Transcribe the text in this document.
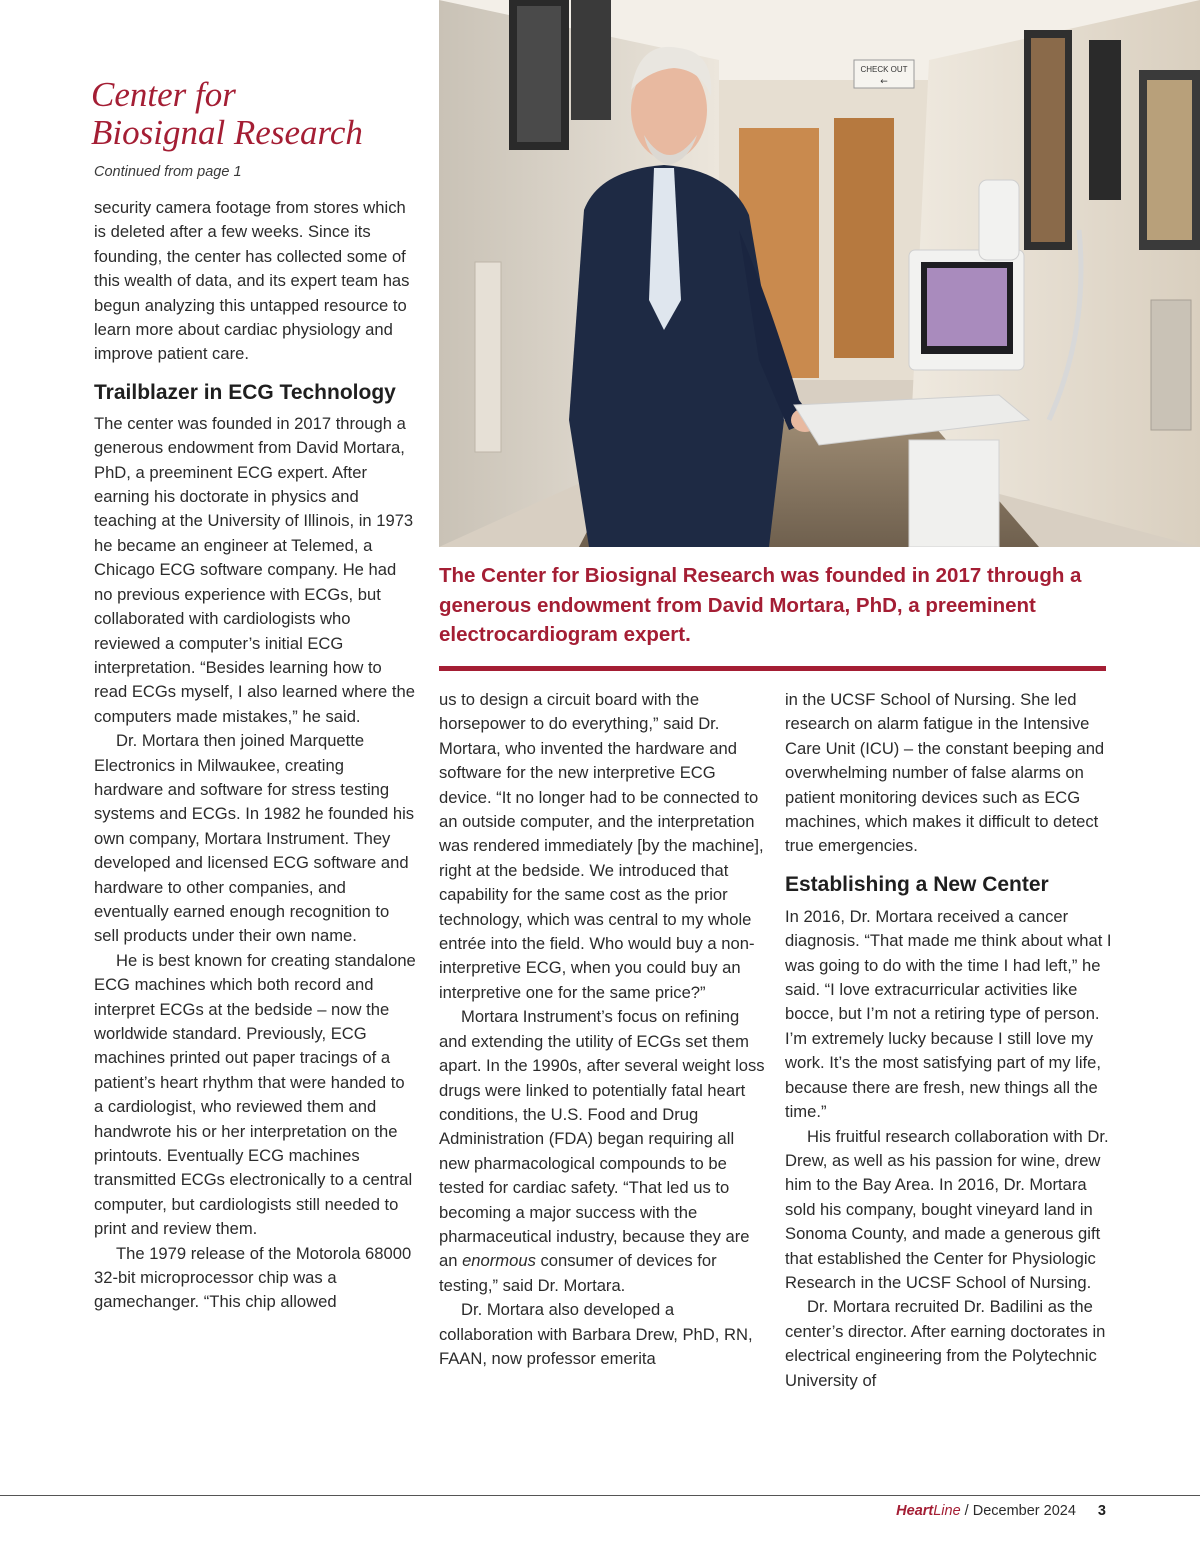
Center for
Biosignal Research
Continued from page 1
CHECK OUT
←
The Center for Biosignal Research was founded in 2017 through a generous endowment from David Mortara, PhD, a preeminent electrocardiogram expert.

security camera footage from stores which is deleted after a few weeks. Since its founding, the center has collected some of this wealth of data, and its expert team has begun analyzing this untapped resource to learn more about cardiac physiology and improve patient care.

Trailblazer in ECG Technology

The center was founded in 2017 through a generous endowment from David Mortara, PhD, a preeminent ECG expert. After earning his doctorate in physics and teaching at the University of Illinois, in 1973 he became an engineer at Telemed, a Chicago ECG software company. He had no previous experience with ECGs, but collaborated with cardiologists who reviewed a computer’s initial ECG interpretation. “Besides learning how to read ECGs myself, I also learned where the computers made mistakes,” he said.

Dr. Mortara then joined Marquette Electronics in Milwaukee, creating hardware and software for stress testing systems and ECGs. In 1982 he founded his own company, Mortara Instrument. They developed and licensed ECG software and hardware to other companies, and eventually earned enough recognition to sell products under their own name.

He is best known for creating standalone ECG machines which both record and interpret ECGs at the bedside – now the worldwide standard. Previously, ECG machines printed out paper tracings of a patient’s heart rhythm that were handed to a cardiologist, who reviewed them and handwrote his or her interpretation on the printouts. Eventually ECG machines transmitted ECGs electronically to a central computer, but cardiologists still needed to print and review them.

The 1979 release of the Motorola 68000 32-bit microprocessor chip was a gamechanger. “This chip allowed

us to design a circuit board with the horsepower to do everything,” said Dr. Mortara, who invented the hardware and software for the new interpretive ECG device. “It no longer had to be connected to an outside computer, and the interpretation was rendered immediately [by the machine], right at the bedside. We introduced that capability for the same cost as the prior technology, which was central to my whole entrée into the field. Who would buy a non-interpretive ECG, when you could buy an interpretive one for the same price?”

Mortara Instrument’s focus on refining and extending the utility of ECGs set them apart. In the 1990s, after several weight loss drugs were linked to potentially fatal heart conditions, the U.S. Food and Drug Administration (FDA) began requiring all new pharmacological compounds to be tested for cardiac safety. “That led us to becoming a major success with the pharmaceutical industry, because they are an enormous consumer of devices for testing,” said Dr. Mortara.

Dr. Mortara also developed a collaboration with Barbara Drew, PhD, RN, FAAN, now professor emerita

in the UCSF School of Nursing. She led research on alarm fatigue in the Intensive Care Unit (ICU) – the constant beeping and overwhelming number of false alarms on patient monitoring devices such as ECG machines, which makes it difficult to detect true emergencies.

Establishing a New Center

In 2016, Dr. Mortara received a cancer diagnosis. “That made me think about what I was going to do with the time I had left,” he said. “I love extracurricular activities like bocce, but I’m not a retiring type of person. I’m extremely lucky because I still love my work. It’s the most satisfying part of my life, because there are fresh, new things all the time.”

His fruitful research collaboration with Dr. Drew, as well as his passion for wine, drew him to the Bay Area. In 2016, Dr. Mortara sold his company, bought vineyard land in Sonoma County, and made a generous gift that established the Center for Physiologic Research in the UCSF School of Nursing.

Dr. Mortara recruited Dr. Badilini as the center’s director. After earning doctorates in electrical engineering from the Polytechnic University of

HeartLine / December 2024 3
